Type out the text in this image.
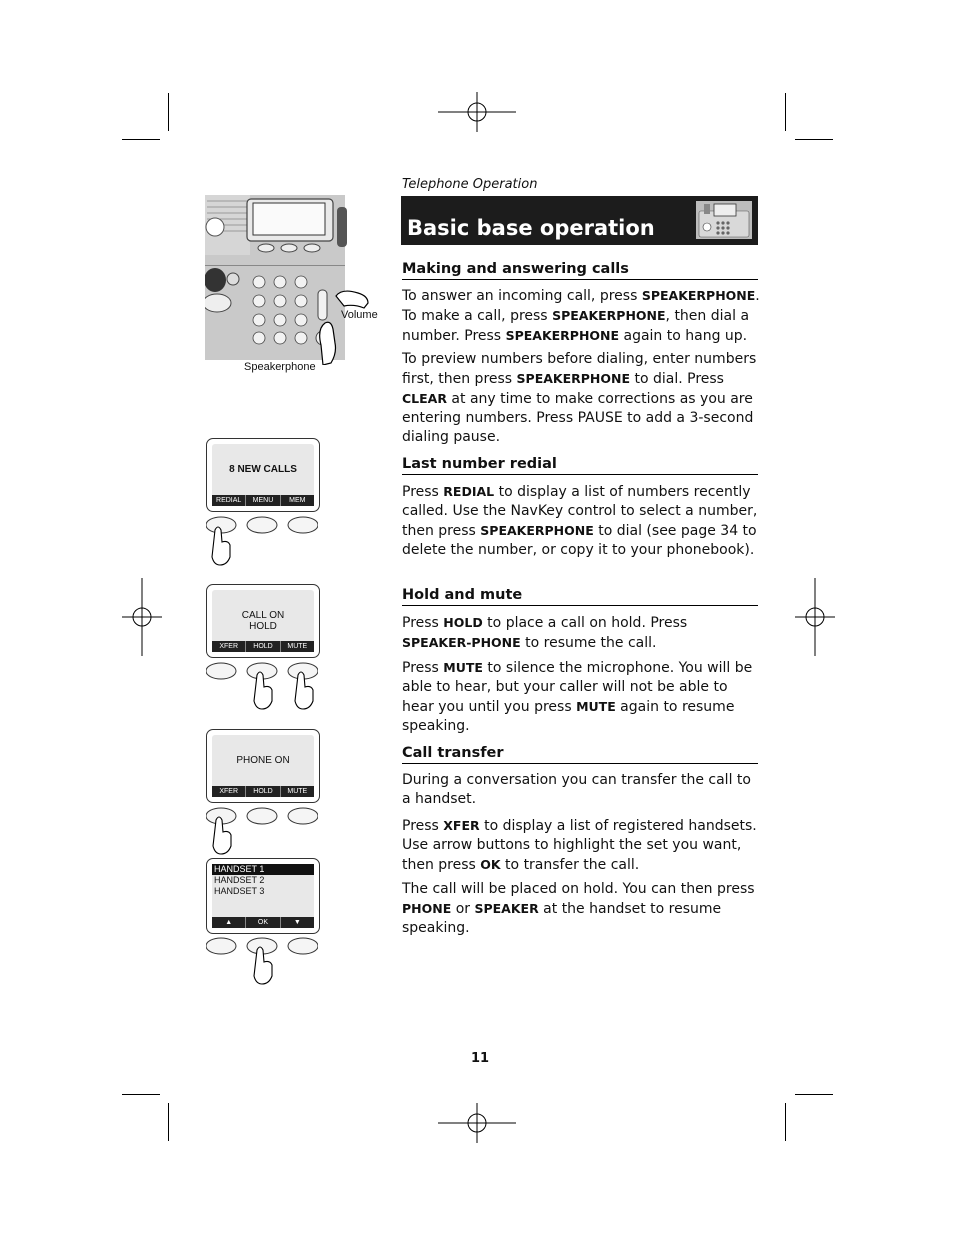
Telephone Operation
Basic base operation
Volume
Speakerphone
8 NEW CALLS
REDIAL	MENU	MEM
CALL ON
HOLD
XFER	HOLD	MUTE
PHONE ON
XFER	HOLD	MUTE
HANDSET 1
HANDSET 2
HANDSET 3
▲	OK	▼
Making and answering calls
To answer an incoming call, press SPEAKERPHONE. To make a call, press SPEAKERPHONE, then dial a number. Press SPEAKERPHONE again to hang up.
To preview numbers before dialing, enter numbers first, then press SPEAKERPHONE to dial. Press CLEAR at any time to make corrections as you are entering numbers. Press PAUSE to add a 3-second dialing pause.
Last number redial
Press REDIAL to display a list of numbers recently called. Use the NavKey control to select a number, then press SPEAKERPHONE to dial (see page 34 to delete the number, or copy it to your phonebook).
Hold and mute
Press HOLD to place a call on hold. Press SPEAKER-PHONE to resume the call.
Press MUTE to silence the microphone. You will be able to hear, but your caller will not be able to hear you until you press MUTE again to resume speaking.
Call transfer
During a conversation you can transfer the call to a handset.
Press XFER to display a list of registered handsets. Use arrow buttons to highlight the set you want, then press OK to transfer the call.
The call will be placed on hold. You can then press PHONE or SPEAKER at the handset to resume speaking.
11
